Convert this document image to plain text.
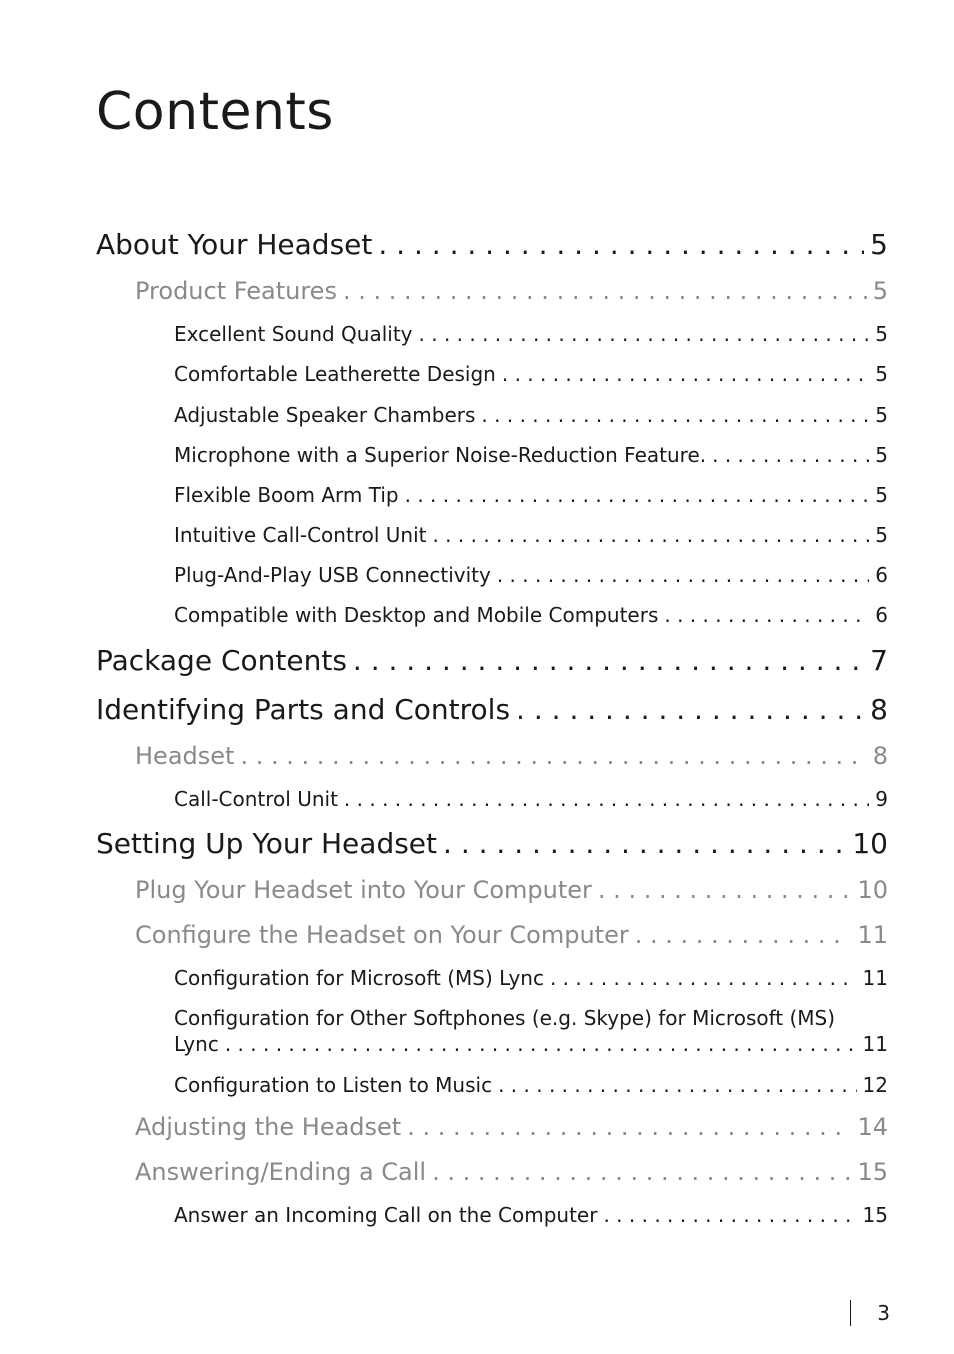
Contents
About Your Headset . . .	5
Product Features . . .	5
Excellent Sound Quality . . .	5
Comfortable Leatherette Design . . .	5
Adjustable Speaker Chambers . . .	5
Microphone with a Superior Noise-Reduction Feature. . . .	5
Flexible Boom Arm Tip . . .	5
Intuitive Call-Control Unit . . .	5
Plug-And-Play USB Connectivity . . .	6
Compatible with Desktop and Mobile Computers . . .	6
Package Contents . . .	7
Identifying Parts and Controls . . .	8
Headset . . .	8
Call-Control Unit . . .	9
Setting Up Your Headset . . .	10
Plug Your Headset into Your Computer . . .	10
Configure the Headset on Your Computer . . .	11
Configuration for Microsoft (MS) Lync . . .	11
Configuration for Other Softphones (e.g. Skype) for Microsoft (MS)
Lync . . .	11
Configuration to Listen to Music . . .	12
Adjusting the Headset . . .	14
Answering/Ending a Call . . .	15
Answer an Incoming Call on the Computer . . .	15
3
